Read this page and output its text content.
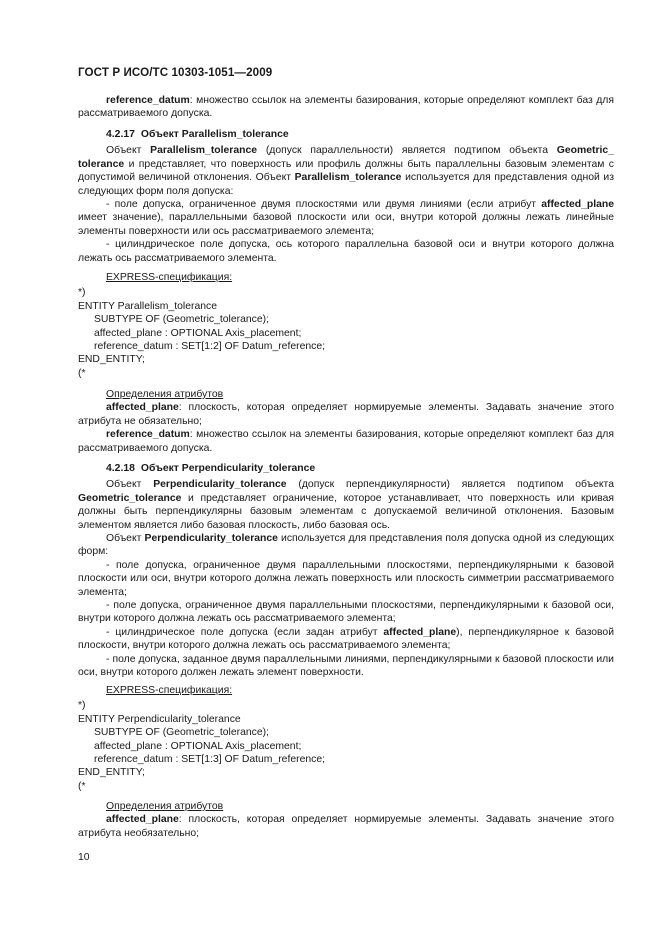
ГОСТ Р ИСО/ТС 10303-1051—2009

reference_datum: множество ссылок на элементы базирования, которые определяют комплект баз для рассматриваемого допуска.

4.2.17 Объект Parallelism_tolerance

Объект Parallelism_tolerance (допуск параллельности) является подтипом объекта Geometric_ tolerance и представляет, что поверхность или профиль должны быть параллельны базовым элементам с допустимой величиной отклонения. Объект Parallelism_tolerance используется для представления одной из следующих форм поля допуска:

- поле допуска, ограниченное двумя плоскостями или двумя линиями (если атрибут affected_plane имеет значение), параллельными базовой плоскости или оси, внутри которой должны лежать линейные элементы поверхности или ось рассматриваемого элемента;

- цилиндрическое поле допуска, ось которого параллельна базовой оси и внутри которого должна лежать ось рассматриваемого элемента.

EXPRESS-спецификация:

*)
ENTITY Parallelism_tolerance
SUBTYPE OF (Geometric_tolerance);
affected_plane : OPTIONAL Axis_placement;
reference_datum : SET[1:2] OF Datum_reference;
END_ENTITY;
(*

Определения атрибутов

affected_plane: плоскость, которая определяет нормируемые элементы. Задавать значение этого атрибута не обязательно;

reference_datum: множество ссылок на элементы базирования, которые определяют комплект баз для рассматриваемого допуска.

4.2.18 Объект Perpendicularity_tolerance

Объект Perpendicularity_tolerance (допуск перпендикулярности) является подтипом объекта Geometric_tolerance и представляет ограничение, которое устанавливает, что поверхность или кривая должны быть перпендикулярны базовым элементам с допускаемой величиной отклонения. Базовым элементом является либо базовая плоскость, либо базовая ось.

Объект Perpendicularity_tolerance используется для представления поля допуска одной из следующих форм:

- поле допуска, ограниченное двумя параллельными плоскостями, перпендикулярными к базовой плоскости или оси, внутри которого должна лежать поверхность или плоскость симметрии рассматриваемого элемента;

- поле допуска, ограниченное двумя параллельными плоскостями, перпендикулярными к базовой оси, внутри которого должна лежать ось рассматриваемого элемента;

- цилиндрическое поле допуска (если задан атрибут affected_plane), перпендикулярное к базовой плоскости, внутри которого должна лежать ось рассматриваемого элемента;

- поле допуска, заданное двумя параллельными линиями, перпендикулярными к базовой плоскости или оси, внутри которого должен лежать элемент поверхности.

EXPRESS-спецификация:

*)
ENTITY Perpendicularity_tolerance
SUBTYPE OF (Geometric_tolerance);
affected_plane : OPTIONAL Axis_placement;
reference_datum : SET[1:3] OF Datum_reference;
END_ENTITY;
(*

Определения атрибутов

affected_plane: плоскость, которая определяет нормируемые элементы. Задавать значение этого атрибута необязательно;

10
